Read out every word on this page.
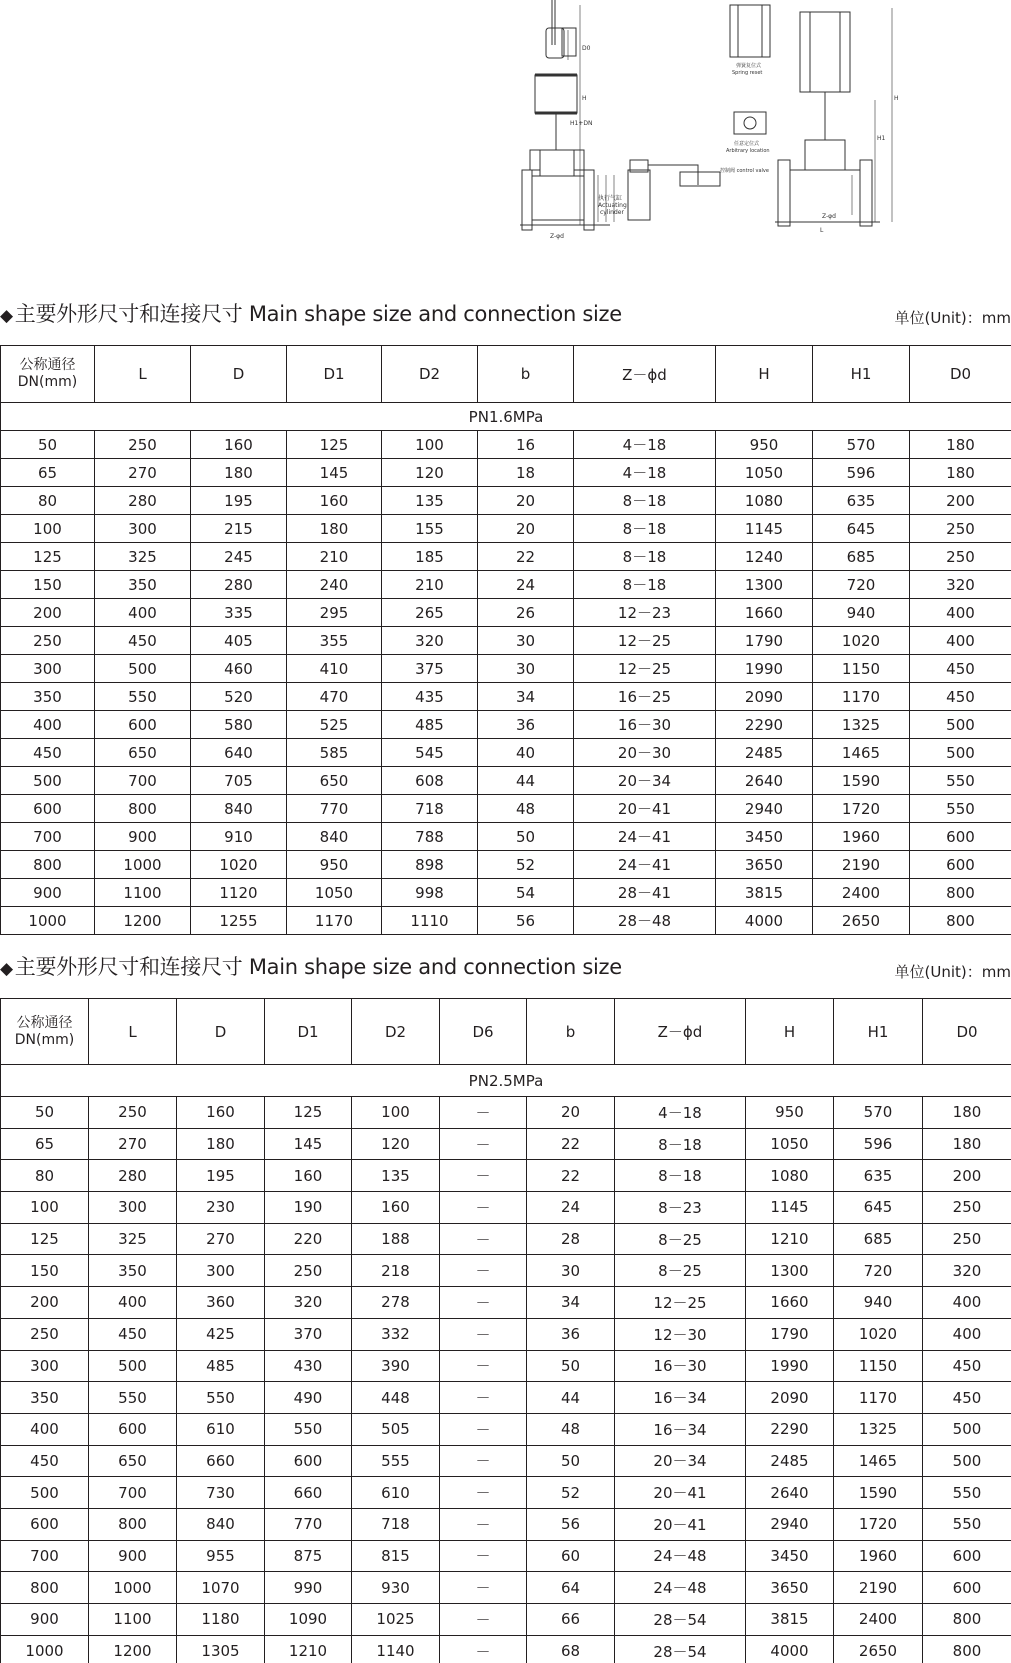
D0
H
H1+DN
Z-φd
执行气缸
Actuating
cylinder
弹簧复位式
Spring reset
任意定位式
Arbitrary location
控制阀 control valve
H
H1
Z-φd
L
◆主要外形尺寸和连接尺寸 Main shape size and connection size	单位(Unit)：mm
公称通径
DN(mm)	L	D	D1	D2	b	Z－ϕd	H	H1	D0
PN1.6MPa									
50	250	160	125	100	16	4－18	950	570	180
65	270	180	145	120	18	4－18	1050	596	180
80	280	195	160	135	20	8－18	1080	635	200
100	300	215	180	155	20	8－18	1145	645	250
125	325	245	210	185	22	8－18	1240	685	250
150	350	280	240	210	24	8－18	1300	720	320
200	400	335	295	265	26	12－23	1660	940	400
250	450	405	355	320	30	12－25	1790	1020	400
300	500	460	410	375	30	12－25	1990	1150	450
350	550	520	470	435	34	16－25	2090	1170	450
400	600	580	525	485	36	16－30	2290	1325	500
450	650	640	585	545	40	20－30	2485	1465	500
500	700	705	650	608	44	20－34	2640	1590	550
600	800	840	770	718	48	20－41	2940	1720	550
700	900	910	840	788	50	24－41	3450	1960	600
800	1000	1020	950	898	52	24－41	3650	2190	600
900	1100	1120	1050	998	54	28－41	3815	2400	800
1000	1200	1255	1170	1110	56	28－48	4000	2650	800
◆主要外形尺寸和连接尺寸 Main shape size and connection size	单位(Unit)：mm
公称通径
DN(mm)	L	D	D1	D2	D6	b	Z－ϕd	H	H1	D0
PN2.5MPa										
50	250	160	125	100	－	20	4－18	950	570	180
65	270	180	145	120	－	22	8－18	1050	596	180
80	280	195	160	135	－	22	8－18	1080	635	200
100	300	230	190	160	－	24	8－23	1145	645	250
125	325	270	220	188	－	28	8－25	1210	685	250
150	350	300	250	218	－	30	8－25	1300	720	320
200	400	360	320	278	－	34	12－25	1660	940	400
250	450	425	370	332	－	36	12－30	1790	1020	400
300	500	485	430	390	－	50	16－30	1990	1150	450
350	550	550	490	448	－	44	16－34	2090	1170	450
400	600	610	550	505	－	48	16－34	2290	1325	500
450	650	660	600	555	－	50	20－34	2485	1465	500
500	700	730	660	610	－	52	20－41	2640	1590	550
600	800	840	770	718	－	56	20－41	2940	1720	550
700	900	955	875	815	－	60	24－48	3450	1960	600
800	1000	1070	990	930	－	64	24－48	3650	2190	600
900	1100	1180	1090	1025	－	66	28－54	3815	2400	800
1000	1200	1305	1210	1140	－	68	28－54	4000	2650	800
